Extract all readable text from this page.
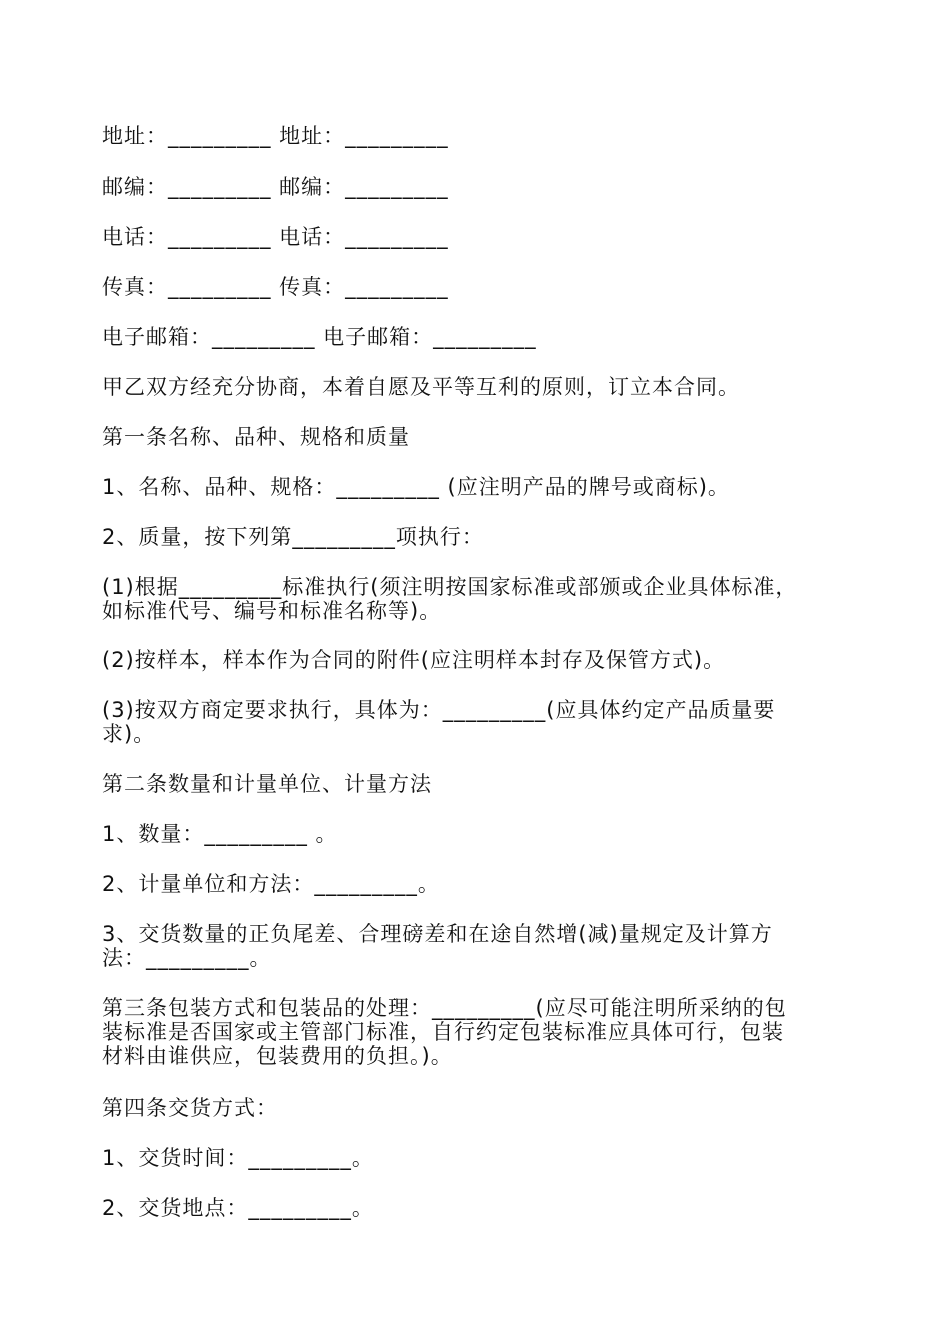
地址：_________ 地址：_________
邮编：_________ 邮编：_________
电话：_________ 电话：_________
传真：_________ 传真：_________
电子邮箱：_________ 电子邮箱：_________
甲乙双方经充分协商，本着自愿及平等互利的原则，订立本合同。
第一条名称、品种、规格和质量
1、名称、品种、规格：_________ (应注明产品的牌号或商标)。
2、质量，按下列第_________项执行：
(1)根据_________标准执行(须注明按国家标准或部颁或企业具体标准，
如标准代号、编号和标准名称等)。
(2)按样本，样本作为合同的附件(应注明样本封存及保管方式)。
(3)按双方商定要求执行，具体为：_________(应具体约定产品质量要
求)。
第二条数量和计量单位、计量方法
1、数量：_________ 。
2、计量单位和方法：_________。
3、交货数量的正负尾差、合理磅差和在途自然增(减)量规定及计算方
法：_________。
第三条包装方式和包装品的处理：_________(应尽可能注明所采纳的包
装标准是否国家或主管部门标准，自行约定包装标准应具体可行，包装
材料由谁供应，包装费用的负担。)。
第四条交货方式：
1、交货时间：_________。
2、交货地点：_________。
